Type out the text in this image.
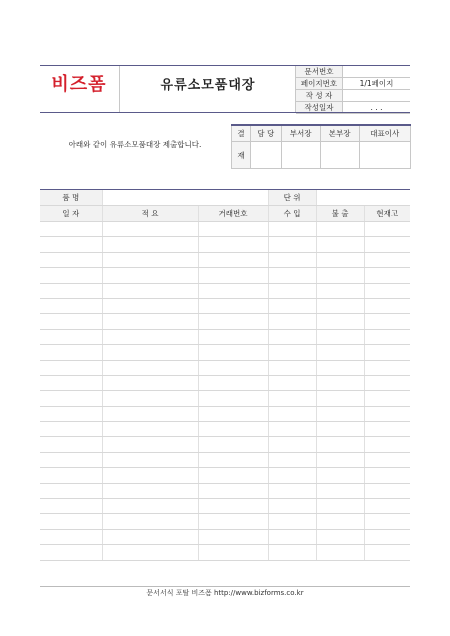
비즈폼	유류소모품대장
문서번호	
페이지번호	1/1페이지
작 성 자	
작성일자	. . .
아래와 같이 유류소모품대장 제출합니다.
결	담 당	부서장	본부장	대표이사
재				
품 명			단 위		
일 자	적 요	거래번호	수 입	불 출	현재고

문서서식 포탈 비즈폼 http://www.bizforms.co.kr
